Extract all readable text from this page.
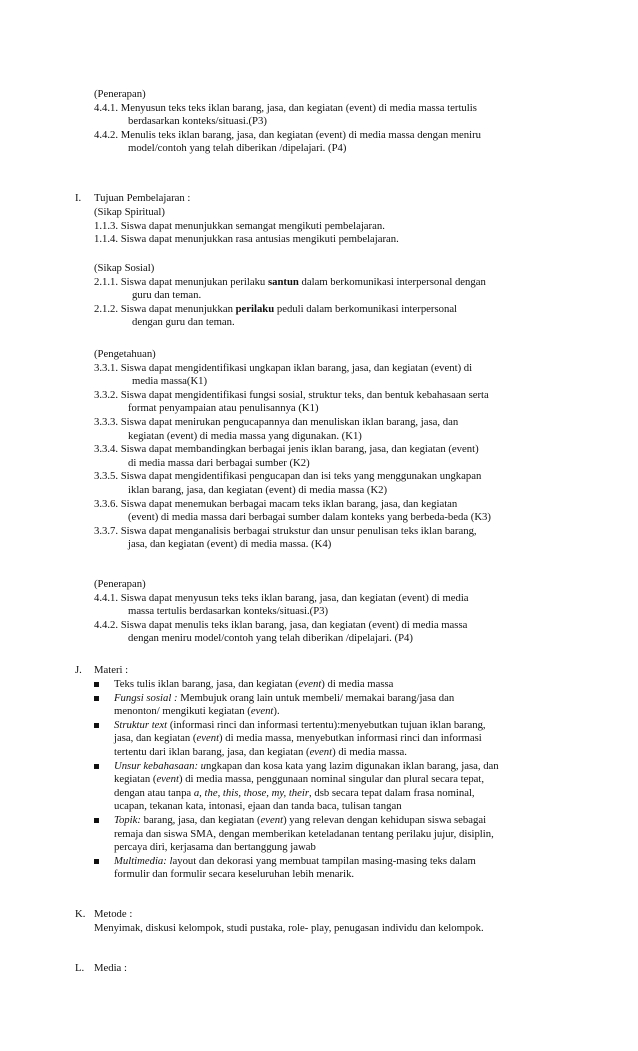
(Penerapan)
4.4.1. Menyusun teks teks iklan barang, jasa, dan kegiatan (event) di media massa tertulis
berdasarkan konteks/situasi.(P3)
4.4.2. Menulis teks iklan barang, jasa, dan kegiatan (event) di media massa dengan meniru
model/contoh yang telah diberikan /dipelajari. (P4)
I. Tujuan Pembelajaran :
(Sikap Spiritual)
1.1.3. Siswa dapat menunjukkan semangat mengikuti pembelajaran.
1.1.4. Siswa dapat menunjukkan rasa antusias mengikuti pembelajaran.
(Sikap Sosial)
2.1.1. Siswa dapat menunjukan perilaku santun dalam berkomunikasi interpersonal dengan
guru dan teman.
2.1.2. Siswa dapat menunjukkan perilaku peduli dalam berkomunikasi interpersonal
dengan guru dan teman.
(Pengetahuan)
3.3.1. Siswa dapat mengidentifikasi ungkapan iklan barang, jasa, dan kegiatan (event) di
media massa(K1)
3.3.2. Siswa dapat mengidentifikasi fungsi sosial, struktur teks, dan bentuk kebahasaan serta
format penyampaian atau penulisannya (K1)
3.3.3. Siswa dapat menirukan pengucapannya dan menuliskan iklan barang, jasa, dan
kegiatan (event) di media massa yang digunakan. (K1)
3.3.4. Siswa dapat membandingkan berbagai jenis iklan barang, jasa, dan kegiatan (event)
di media massa dari berbagai sumber (K2)
3.3.5. Siswa dapat mengidentifikasi pengucapan dan isi teks yang menggunakan ungkapan
iklan barang, jasa, dan kegiatan (event) di media massa (K2)
3.3.6. Siswa dapat menemukan berbagai macam teks iklan barang, jasa, dan kegiatan
(event) di media massa dari berbagai sumber dalam konteks yang berbeda-beda (K3)
3.3.7. Siswa dapat menganalisis berbagai strukstur dan unsur penulisan teks iklan barang,
jasa, dan kegiatan (event) di media massa. (K4)
(Penerapan)
4.4.1. Siswa dapat menyusun teks teks iklan barang, jasa, dan kegiatan (event) di media
massa tertulis berdasarkan konteks/situasi.(P3)
4.4.2. Siswa dapat menulis teks iklan barang, jasa, dan kegiatan (event) di media massa
dengan meniru model/contoh yang telah diberikan /dipelajari. (P4)
J. Materi :
Teks tulis iklan barang, jasa, dan kegiatan (event) di media massa
Fungsi sosial : Membujuk orang lain untuk membeli/ memakai barang/jasa dan
menonton/ mengikuti kegiatan (event).
Struktur text (informasi rinci dan informasi tertentu):menyebutkan tujuan iklan barang,
jasa, dan kegiatan (event) di media massa, menyebutkan informasi rinci dan informasi
tertentu dari iklan barang, jasa, dan kegiatan (event) di media massa.
Unsur kebahasaan: ungkapan dan kosa kata yang lazim digunakan iklan barang, jasa, dan
kegiatan (event) di media massa, penggunaan nominal singular dan plural secara tepat,
dengan atau tanpa a, the, this, those, my, their, dsb secara tepat dalam frasa nominal,
ucapan, tekanan kata, intonasi, ejaan dan tanda baca, tulisan tangan
Topik: barang, jasa, dan kegiatan (event) yang relevan dengan kehidupan siswa sebagai
remaja dan siswa SMA, dengan memberikan keteladanan tentang perilaku jujur, disiplin,
percaya diri, kerjasama dan bertanggung jawab
Multimedia: layout dan dekorasi yang membuat tampilan masing-masing teks dalam
formulir dan formulir secara keseluruhan lebih menarik.
K. Metode :
Menyimak, diskusi kelompok, studi pustaka, role- play, penugasan individu dan kelompok.
L. Media :
